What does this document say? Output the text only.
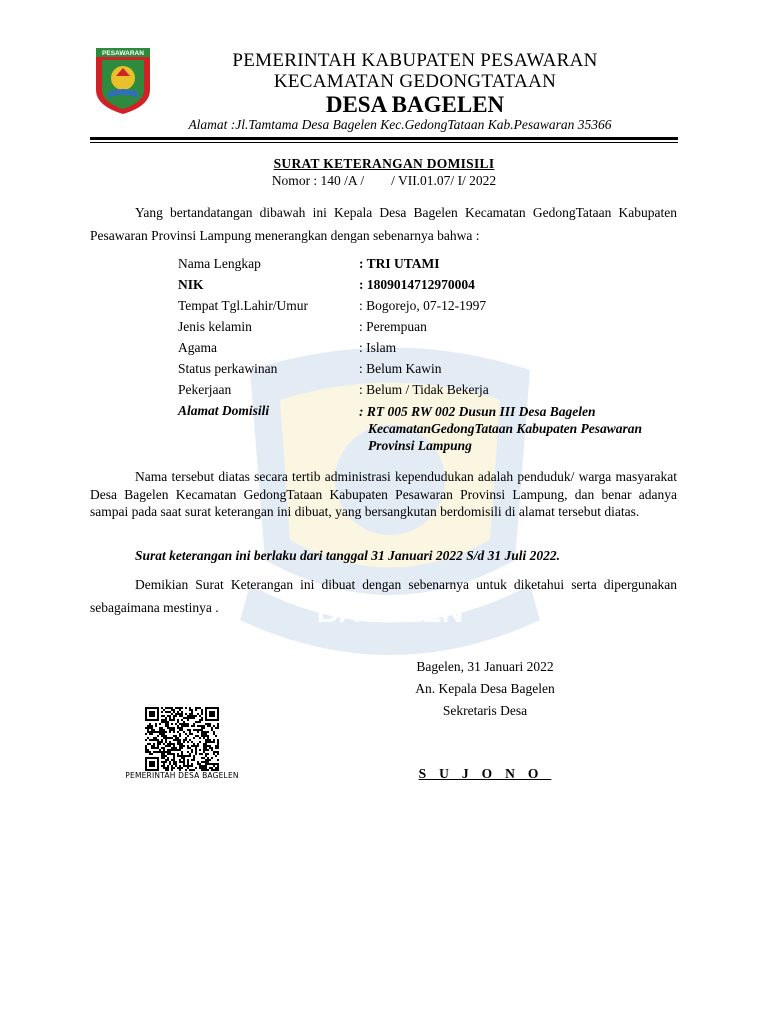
BAGELEN
PESAWARAN	PEMERINTAH KABUPATEN PESAWARAN
KECAMATAN GEDONGTATAAN
DESA BAGELEN
Alamat :Jl.Tamtama Desa Bagelen Kec.GedongTataan Kab.Pesawaran 35366
SURAT KETERANGAN DOMISILI
Nomor : 140 /A /        / VII.01.07/ I/ 2022
Yang bertandatangan dibawah ini Kepala Desa Bagelen Kecamatan GedongTataan Kabupaten Pesawaran Provinsi Lampung menerangkan dengan sebenarnya bahwa :
Nama Lengkap	: TRI UTAMI
NIK	: 1809014712970004
Tempat Tgl.Lahir/Umur	: Bogorejo, 07-12-1997
Jenis kelamin	: Perempuan
Agama	: Islam
Status perkawinan	: Belum Kawin
Pekerjaan	: Belum / Tidak Bekerja
Alamat Domisili	: RT 005 RW 002 Dusun III Desa Bagelen
KecamatanGedongTataan Kabupaten Pesawaran
Provinsi Lampung
Nama tersebut diatas secara tertib administrasi kependudukan adalah penduduk/ warga masyarakat Desa Bagelen Kecamatan GedongTataan Kabupaten Pesawaran Provinsi Lampung, dan benar adanya sampai pada saat surat keterangan ini dibuat, yang bersangkutan berdomisili di alamat tersebut diatas.
Surat keterangan ini berlaku dari tanggal 31 Januari 2022 S/d 31 Juli 2022.
Demikian Surat Keterangan ini dibuat dengan sebenarnya untuk diketahui serta dipergunakan sebagaimana mestinya .
Bagelen, 31 Januari 2022
An. Kepala Desa Bagelen
Sekretaris Desa
SUJONO
PEMERINTAH DESA BAGELEN
